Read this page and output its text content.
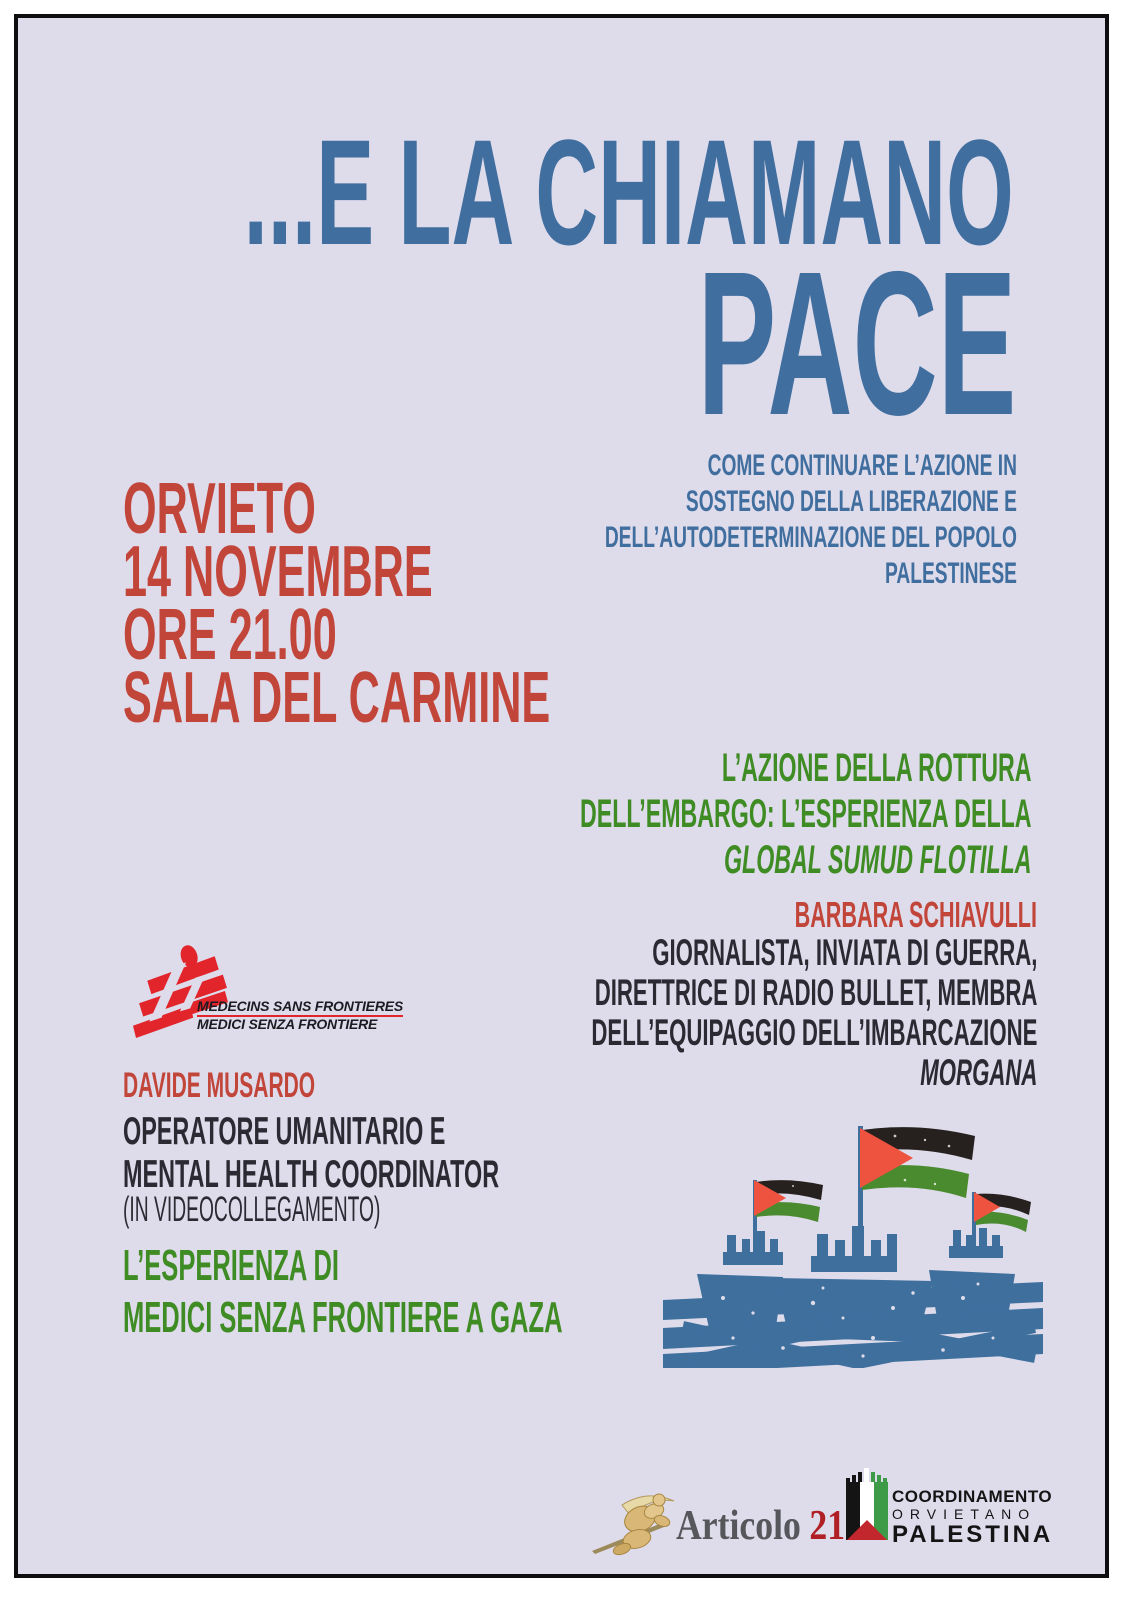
...E LA CHIAMANO
PACE
COME CONTINUARE L’AZIONE IN
SOSTEGNO DELLA LIBERAZIONE E
DELL’AUTODETERMINAZIONE DEL POPOLO
PALESTINESE
ORVIETO
14 NOVEMBRE
ORE 21.00
SALA DEL CARMINE
L’AZIONE DELLA ROTTURA
DELL’EMBARGO: L’ESPERIENZA DELLA
GLOBAL SUMUD FLOTILLA
BARBARA SCHIAVULLI
GIORNALISTA, INVIATA DI GUERRA,
DIRETTRICE DI RADIO BULLET, MEMBRA
DELL’EQUIPAGGIO DELL’IMBARCAZIONE
MORGANA
MEDECINS SANS FRONTIERES
MEDICI SENZA FRONTIERE
DAVIDE MUSARDO
OPERATORE UMANITARIO E
MENTAL HEALTH COORDINATOR
(IN VIDEOCOLLEGAMENTO)
L’ESPERIENZA DI
MEDICI SENZA FRONTIERE A GAZA
Articolo 21
COORDINAMENTO
ORVIETANO
PALESTINA
